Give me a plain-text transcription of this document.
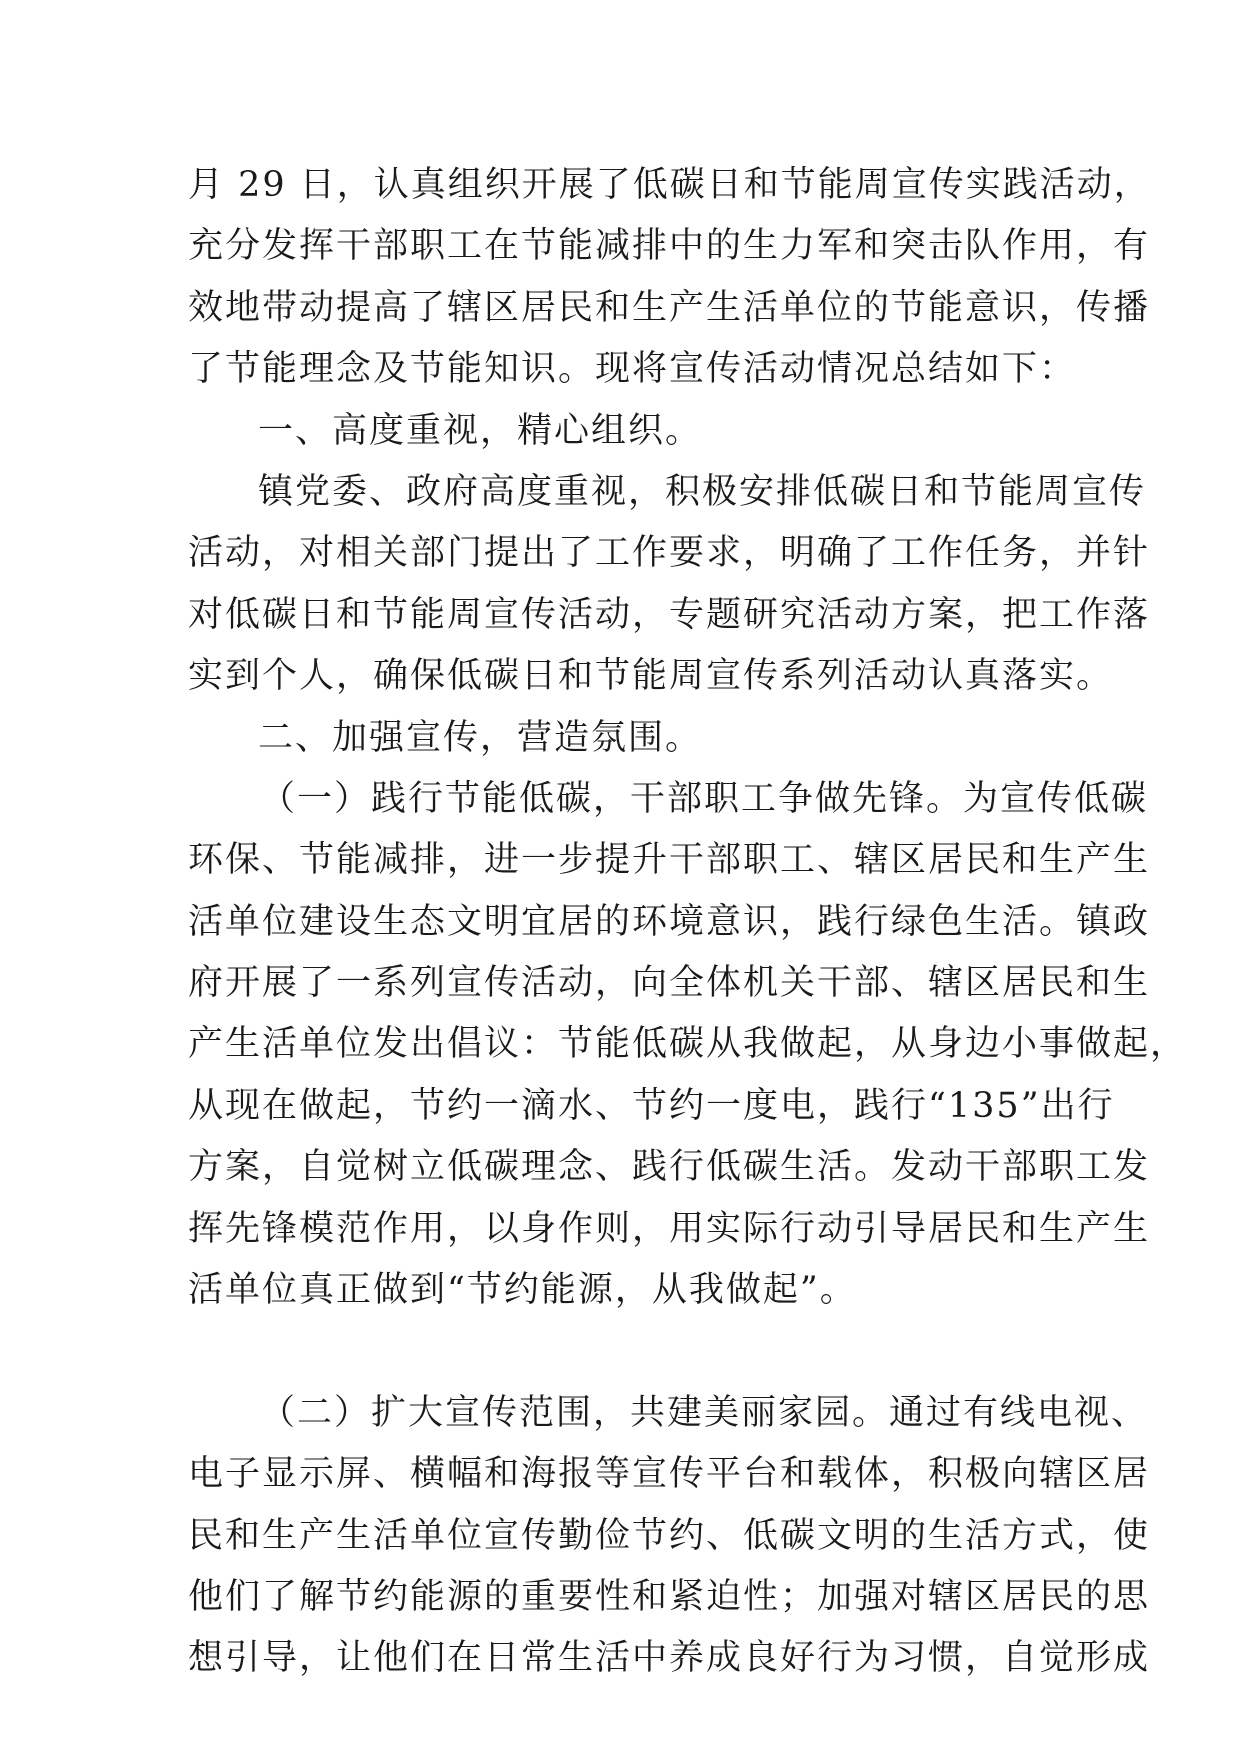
月 29 日，认真组织开展了低碳日和节能周宣传实践活动，
充分发挥干部职工在节能减排中的生力军和突击队作用，有
效地带动提高了辖区居民和生产生活单位的节能意识，传播
了节能理念及节能知识。现将宣传活动情况总结如下：
一、高度重视，精心组织。
镇党委、政府高度重视，积极安排低碳日和节能周宣传
活动，对相关部门提出了工作要求，明确了工作任务，并针
对低碳日和节能周宣传活动，专题研究活动方案，把工作落
实到个人，确保低碳日和节能周宣传系列活动认真落实。
二、加强宣传，营造氛围。
（一）践行节能低碳，干部职工争做先锋。为宣传低碳
环保、节能减排，进一步提升干部职工、辖区居民和生产生
活单位建设生态文明宜居的环境意识，践行绿色生活。镇政
府开展了一系列宣传活动，向全体机关干部、辖区居民和生
产生活单位发出倡议：节能低碳从我做起，从身边小事做起，
从现在做起，节约一滴水、节约一度电，践行“135”出行
方案，自觉树立低碳理念、践行低碳生活。发动干部职工发
挥先锋模范作用，以身作则，用实际行动引导居民和生产生
活单位真正做到“节约能源，从我做起”。
（二）扩大宣传范围，共建美丽家园。通过有线电视、
电子显示屏、横幅和海报等宣传平台和载体，积极向辖区居
民和生产生活单位宣传勤俭节约、低碳文明的生活方式，使
他们了解节约能源的重要性和紧迫性；加强对辖区居民的思
想引导，让他们在日常生活中养成良好行为习惯，自觉形成
